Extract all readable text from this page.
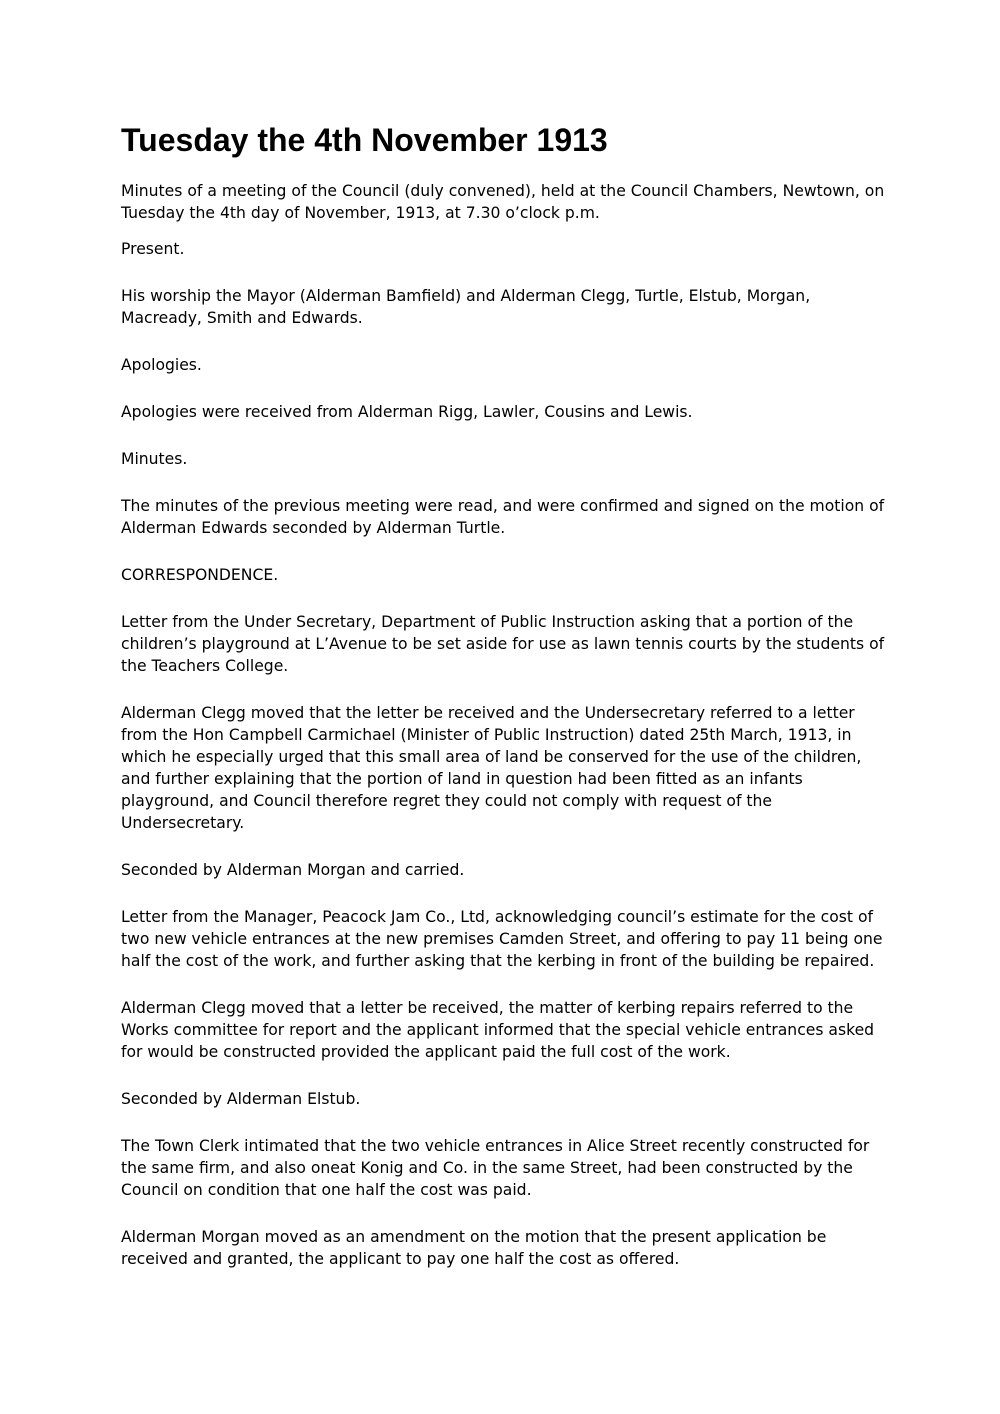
Tuesday the 4th November 1913

Minutes of a meeting of the Council (duly convened), held at the Council Chambers, Newtown, on Tuesday the 4th day of November, 1913, at 7.30 o’clock p.m.

Present.

His worship the Mayor (Alderman Bamfield) and Alderman Clegg, Turtle, Elstub, Morgan, Macready, Smith and Edwards.

Apologies.

Apologies were received from Alderman Rigg, Lawler, Cousins and Lewis.

Minutes.

The minutes of the previous meeting were read, and were confirmed and signed on the motion of Alderman Edwards seconded by Alderman Turtle.

CORRESPONDENCE.

Letter from the Under Secretary, Department of Public Instruction asking that a portion of the children’s playground at L’Avenue to be set aside for use as lawn tennis courts by the students of the Teachers College.

Alderman Clegg moved that the letter be received and the Undersecretary referred to a letter from the Hon Campbell Carmichael (Minister of Public Instruction) dated 25th March, 1913, in which he especially urged that this small area of land be conserved for the use of the children, and further explaining that the portion of land in question had been fitted as an infants playground, and Council therefore regret they could not comply with request of the Undersecretary.

Seconded by Alderman Morgan and carried.

Letter from the Manager, Peacock Jam Co., Ltd, acknowledging council’s estimate for the cost of two new vehicle entrances at the new premises Camden Street, and offering to pay 11 being one half the cost of the work, and further asking that the kerbing in front of the building be repaired.

Alderman Clegg moved that a letter be received, the matter of kerbing repairs referred to the Works committee for report and the applicant informed that the special vehicle entrances asked for would be constructed provided the applicant paid the full cost of the work.

Seconded by Alderman Elstub.

The Town Clerk intimated that the two vehicle entrances in Alice Street recently constructed for the same firm, and also oneat Konig and Co. in the same Street, had been constructed by the Council on condition that one half the cost was paid.

Alderman Morgan moved as an amendment on the motion that the present application be received and granted, the applicant to pay one half the cost as offered.
